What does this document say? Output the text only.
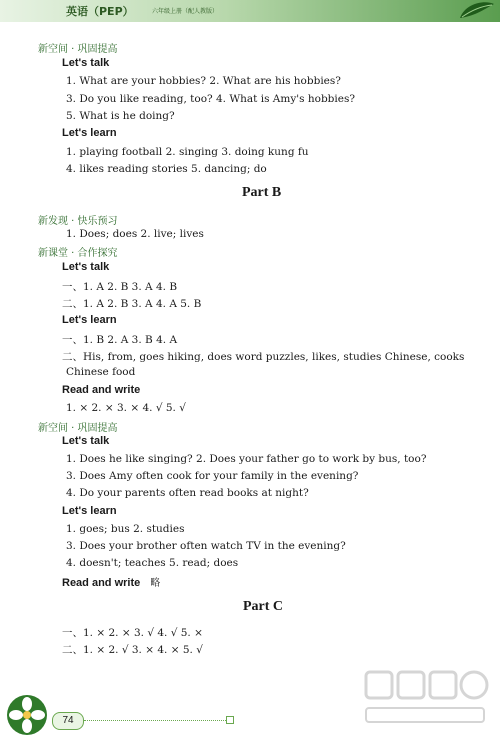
英语（PEP）	六年级上册（配人教版）
新空间 · 巩固提高
Let's talk
1. What are your hobbies? 2. What are his hobbies?
3. Do you like reading, too? 4. What is Amy's hobbies?
5. What is he doing?
Let's learn
1. playing football 2. singing 3. doing kung fu
4. likes reading stories 5. dancing; do
Part B
新发现 · 快乐预习
1. Does; does 2. live; lives
新课堂 · 合作探究
Let's talk
一、1. A 2. B 3. A 4. B
二、1. A 2. B 3. A 4. A 5. B
Let's learn
一、1. B 2. A 3. B 4. A
二、His, from, goes hiking, does word puzzles, likes, studies Chinese, cooks
Chinese food
Read and write
1. × 2. × 3. × 4. √ 5. √
新空间 · 巩固提高
Let's talk
1. Does he like singing? 2. Does your father go to work by bus, too?
3. Does Amy often cook for your family in the evening?
4. Do your parents often read books at night?
Let's learn
1. goes; bus 2. studies
3. Does your brother often watch TV in the evening?
4. doesn't; teaches 5. read; does
Read and write 略
Part C
一、1. × 2. × 3. √ 4. √ 5. ×
二、1. × 2. √ 3. × 4. × 5. √
74
